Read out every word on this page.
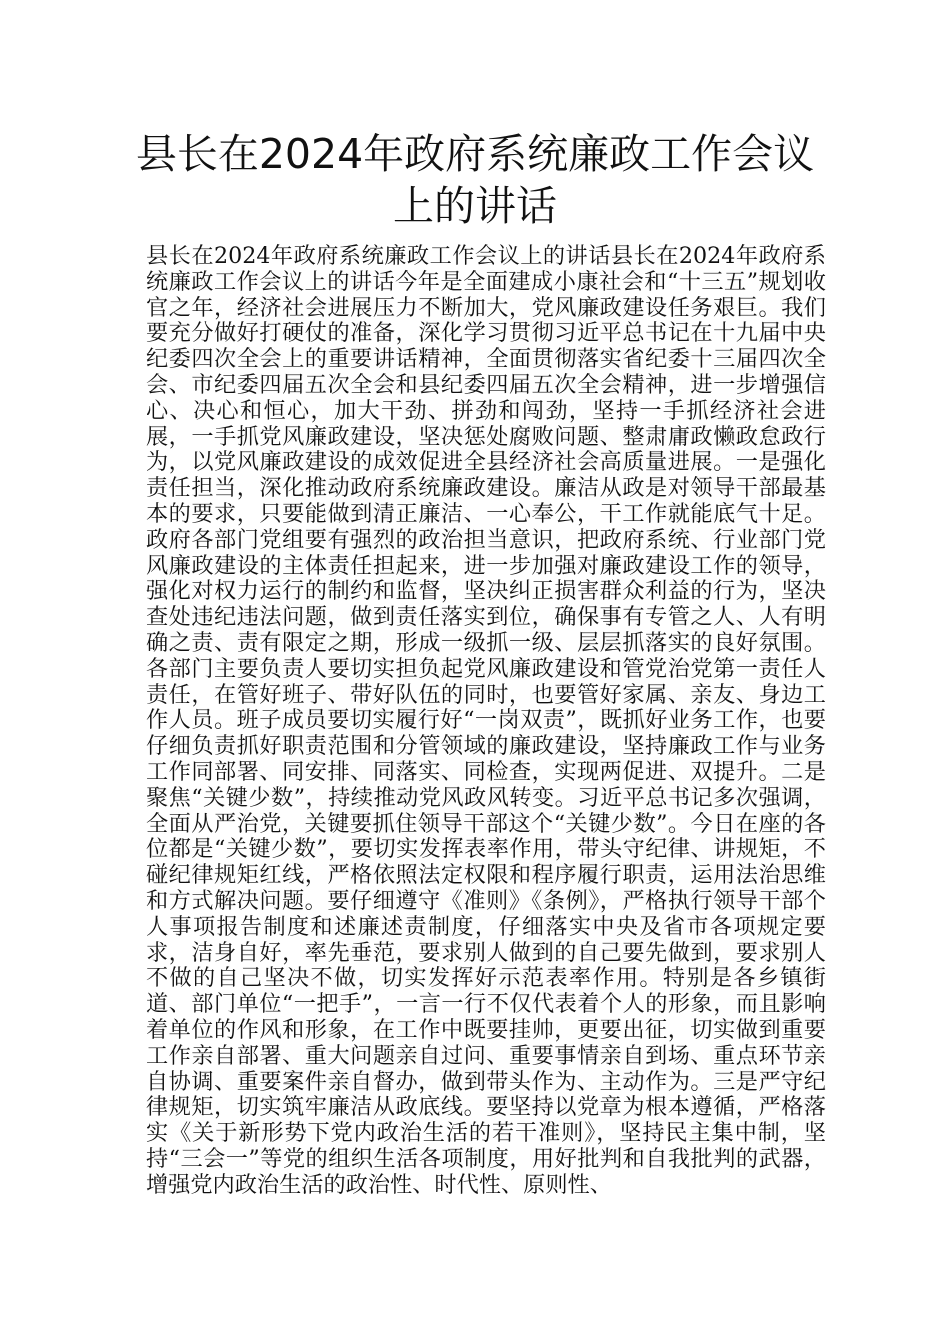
县长在2024年政府系统廉政工作会议
上的讲话

县长在2024年政府系统廉政工作会议上的讲话县长在2024年政府系统廉政工作会议上的讲话今年是全面建成小康社会和“十三五”规划收官之年，经济社会进展压力不断加大，党风廉政建设任务艰巨。我们要充分做好打硬仗的准备，深化学习贯彻习近平总书记在十九届中央纪委四次全会上的重要讲话精神，全面贯彻落实省纪委十三届四次全会、市纪委四届五次全会和县纪委四届五次全会精神，进一步增强信心、决心和恒心，加大干劲、拼劲和闯劲，坚持一手抓经济社会进展，一手抓党风廉政建设，坚决惩处腐败问题、整肃庸政懒政怠政行为，以党风廉政建设的成效促进全县经济社会高质量进展。一是强化责任担当，深化推动政府系统廉政建设。廉洁从政是对领导干部最基本的要求，只要能做到清正廉洁、一心奉公，干工作就能底气十足。政府各部门党组要有强烈的政治担当意识，把政府系统、行业部门党风廉政建设的主体责任担起来，进一步加强对廉政建设工作的领导，强化对权力运行的制约和监督，坚决纠正损害群众利益的行为，坚决查处违纪违法问题，做到责任落实到位，确保事有专管之人、人有明确之责、责有限定之期，形成一级抓一级、层层抓落实的良好氛围。各部门主要负责人要切实担负起党风廉政建设和管党治党第一责任人责任，在管好班子、带好队伍的同时，也要管好家属、亲友、身边工作人员。班子成员要切实履行好“一岗双责”，既抓好业务工作，也要仔细负责抓好职责范围和分管领域的廉政建设，坚持廉政工作与业务工作同部署、同安排、同落实、同检查，实现两促进、双提升。二是聚焦“关键少数”，持续推动党风政风转变。习近平总书记多次强调，全面从严治党，关键要抓住领导干部这个“关键少数”。今日在座的各位都是“关键少数”，要切实发挥表率作用，带头守纪律、讲规矩，不碰纪律规矩红线，严格依照法定权限和程序履行职责，运用法治思维和方式解决问题。要仔细遵守《准则》《条例》，严格执行领导干部个人事项报告制度和述廉述责制度，仔细落实中央及省市各项规定要求，洁身自好，率先垂范，要求别人做到的自己要先做到，要求别人不做的自己坚决不做，切实发挥好示范表率作用。特别是各乡镇街道、部门单位“一把手”，一言一行不仅代表着个人的形象，而且影响着单位的作风和形象，在工作中既要挂帅，更要出征，切实做到重要工作亲自部署、重大问题亲自过问、重要事情亲自到场、重点环节亲自协调、重要案件亲自督办，做到带头作为、主动作为。三是严守纪律规矩，切实筑牢廉洁从政底线。要坚持以党章为根本遵循，严格落实《关于新形势下党内政治生活的若干准则》，坚持民主集中制，坚持“三会一”等党的组织生活各项制度，用好批判和自我批判的武器，增强党内政治生活的政治性、时代性、原则性、
